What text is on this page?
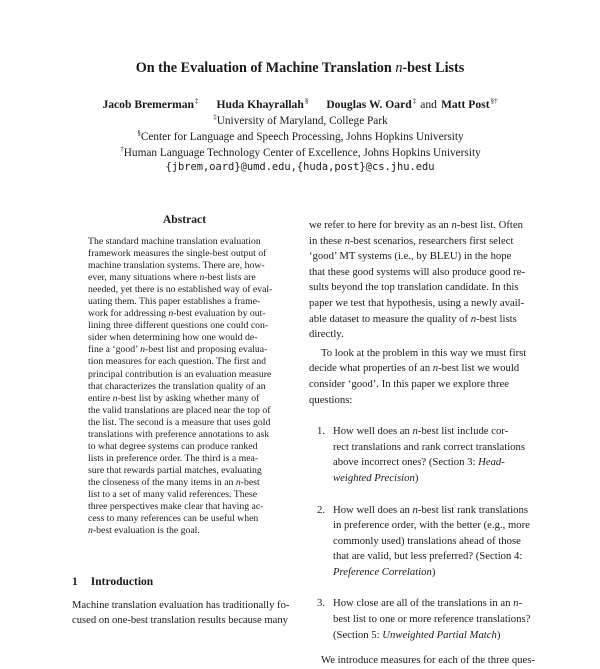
On the Evaluation of Machine Translation n-best Lists
Jacob Bremerman‡ Huda Khayrallah§ Douglas W. Oard‡ and Matt Post§†
‡University of Maryland, College Park
§Center for Language and Speech Processing, Johns Hopkins University
†Human Language Technology Center of Excellence, Johns Hopkins University
{jbrem,oard}@umd.edu,{huda,post}@cs.jhu.edu
Abstract
The standard machine translation evaluation
framework measures the single-best output of
machine translation systems. There are, how-
ever, many situations where n-best lists are
needed, yet there is no established way of eval-
uating them. This paper establishes a frame-
work for addressing n-best evaluation by out-
lining three different questions one could con-
sider when determining how one would de-
fine a ‘good’ n-best list and proposing evalua-
tion measures for each question. The first and
principal contribution is an evaluation measure
that characterizes the translation quality of an
entire n-best list by asking whether many of
the valid translations are placed near the top of
the list. The second is a measure that uses gold
translations with preference annotations to ask
to what degree systems can produce ranked
lists in preference order. The third is a mea-
sure that rewards partial matches, evaluating
the closeness of the many items in an n-best
list to a set of many valid references. These
three perspectives make clear that having ac-
cess to many references can be useful when
n-best evaluation is the goal.
1 Introduction
Machine translation evaluation has traditionally fo-
cused on one-best translation results because many
we refer to here for brevity as an n-best list. Often
in these n-best scenarios, researchers first select
‘good’ MT systems (i.e., by BLEU) in the hope
that these good systems will also produce good re-
sults beyond the top translation candidate. In this
paper we test that hypothesis, using a newly avail-
able dataset to measure the quality of n-best lists
directly.
To look at the problem in this way we must first
decide what properties of an n-best list we would
consider ‘good’. In this paper we explore three
questions:
1. How well does an n-best list include cor-
rect translations and rank correct translations
above incorrect ones? (Section 3: Head-
weighted Precision)
2. How well does an n-best list rank translations
in preference order, with the better (e.g., more
commonly used) translations ahead of those
that are valid, but less preferred? (Section 4:
Preference Correlation)
3. How close are all of the translations in an n-
best list to one or more reference translations?
(Section 5: Unweighted Partial Match)
We introduce measures for each of the three ques-
